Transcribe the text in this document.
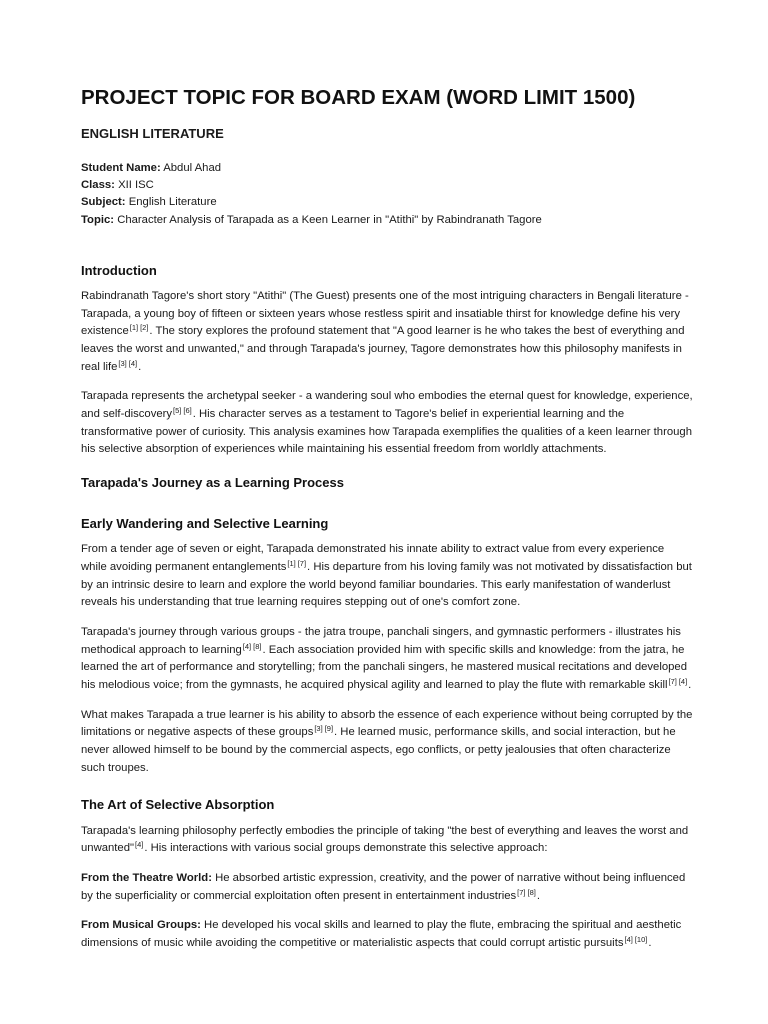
PROJECT TOPIC FOR BOARD EXAM (WORD LIMIT 1500)
ENGLISH LITERATURE

Student Name: Abdul Ahad

Class: XII ISC

Subject: English Literature

Topic: Character Analysis of Tarapada as a Keen Learner in "Atithi" by Rabindranath Tagore

Introduction

Rabindranath Tagore's short story "Atithi" (The Guest) presents one of the most intriguing characters in Bengali literature - Tarapada, a young boy of fifteen or sixteen years whose restless spirit and insatiable thirst for knowledge define his very existence[1] [2]. The story explores the profound statement that "A good learner is he who takes the best of everything and leaves the worst and unwanted," and through Tarapada's journey, Tagore demonstrates how this philosophy manifests in real life[3] [4].

Tarapada represents the archetypal seeker - a wandering soul who embodies the eternal quest for knowledge, experience, and self-discovery[5] [6]. His character serves as a testament to Tagore's belief in experiential learning and the transformative power of curiosity. This analysis examines how Tarapada exemplifies the qualities of a keen learner through his selective absorption of experiences while maintaining his essential freedom from worldly attachments.

Tarapada's Journey as a Learning Process
Early Wandering and Selective Learning

From a tender age of seven or eight, Tarapada demonstrated his innate ability to extract value from every experience while avoiding permanent entanglements[1] [7]. His departure from his loving family was not motivated by dissatisfaction but by an intrinsic desire to learn and explore the world beyond familiar boundaries. This early manifestation of wanderlust reveals his understanding that true learning requires stepping out of one's comfort zone.

Tarapada's journey through various groups - the jatra troupe, panchali singers, and gymnastic performers - illustrates his methodical approach to learning[4] [8]. Each association provided him with specific skills and knowledge: from the jatra, he learned the art of performance and storytelling; from the panchali singers, he mastered musical recitations and developed his melodious voice; from the gymnasts, he acquired physical agility and learned to play the flute with remarkable skill[7] [4].

What makes Tarapada a true learner is his ability to absorb the essence of each experience without being corrupted by the limitations or negative aspects of these groups[3] [9]. He learned music, performance skills, and social interaction, but he never allowed himself to be bound by the commercial aspects, ego conflicts, or petty jealousies that often characterize such troupes.

The Art of Selective Absorption

Tarapada's learning philosophy perfectly embodies the principle of taking "the best of everything and leaves the worst and unwanted"[4]. His interactions with various social groups demonstrate this selective approach:

From the Theatre World: He absorbed artistic expression, creativity, and the power of narrative without being influenced by the superficiality or commercial exploitation often present in entertainment industries[7] [8].

From Musical Groups: He developed his vocal skills and learned to play the flute, embracing the spiritual and aesthetic dimensions of music while avoiding the competitive or materialistic aspects that could corrupt artistic pursuits[4] [10].
